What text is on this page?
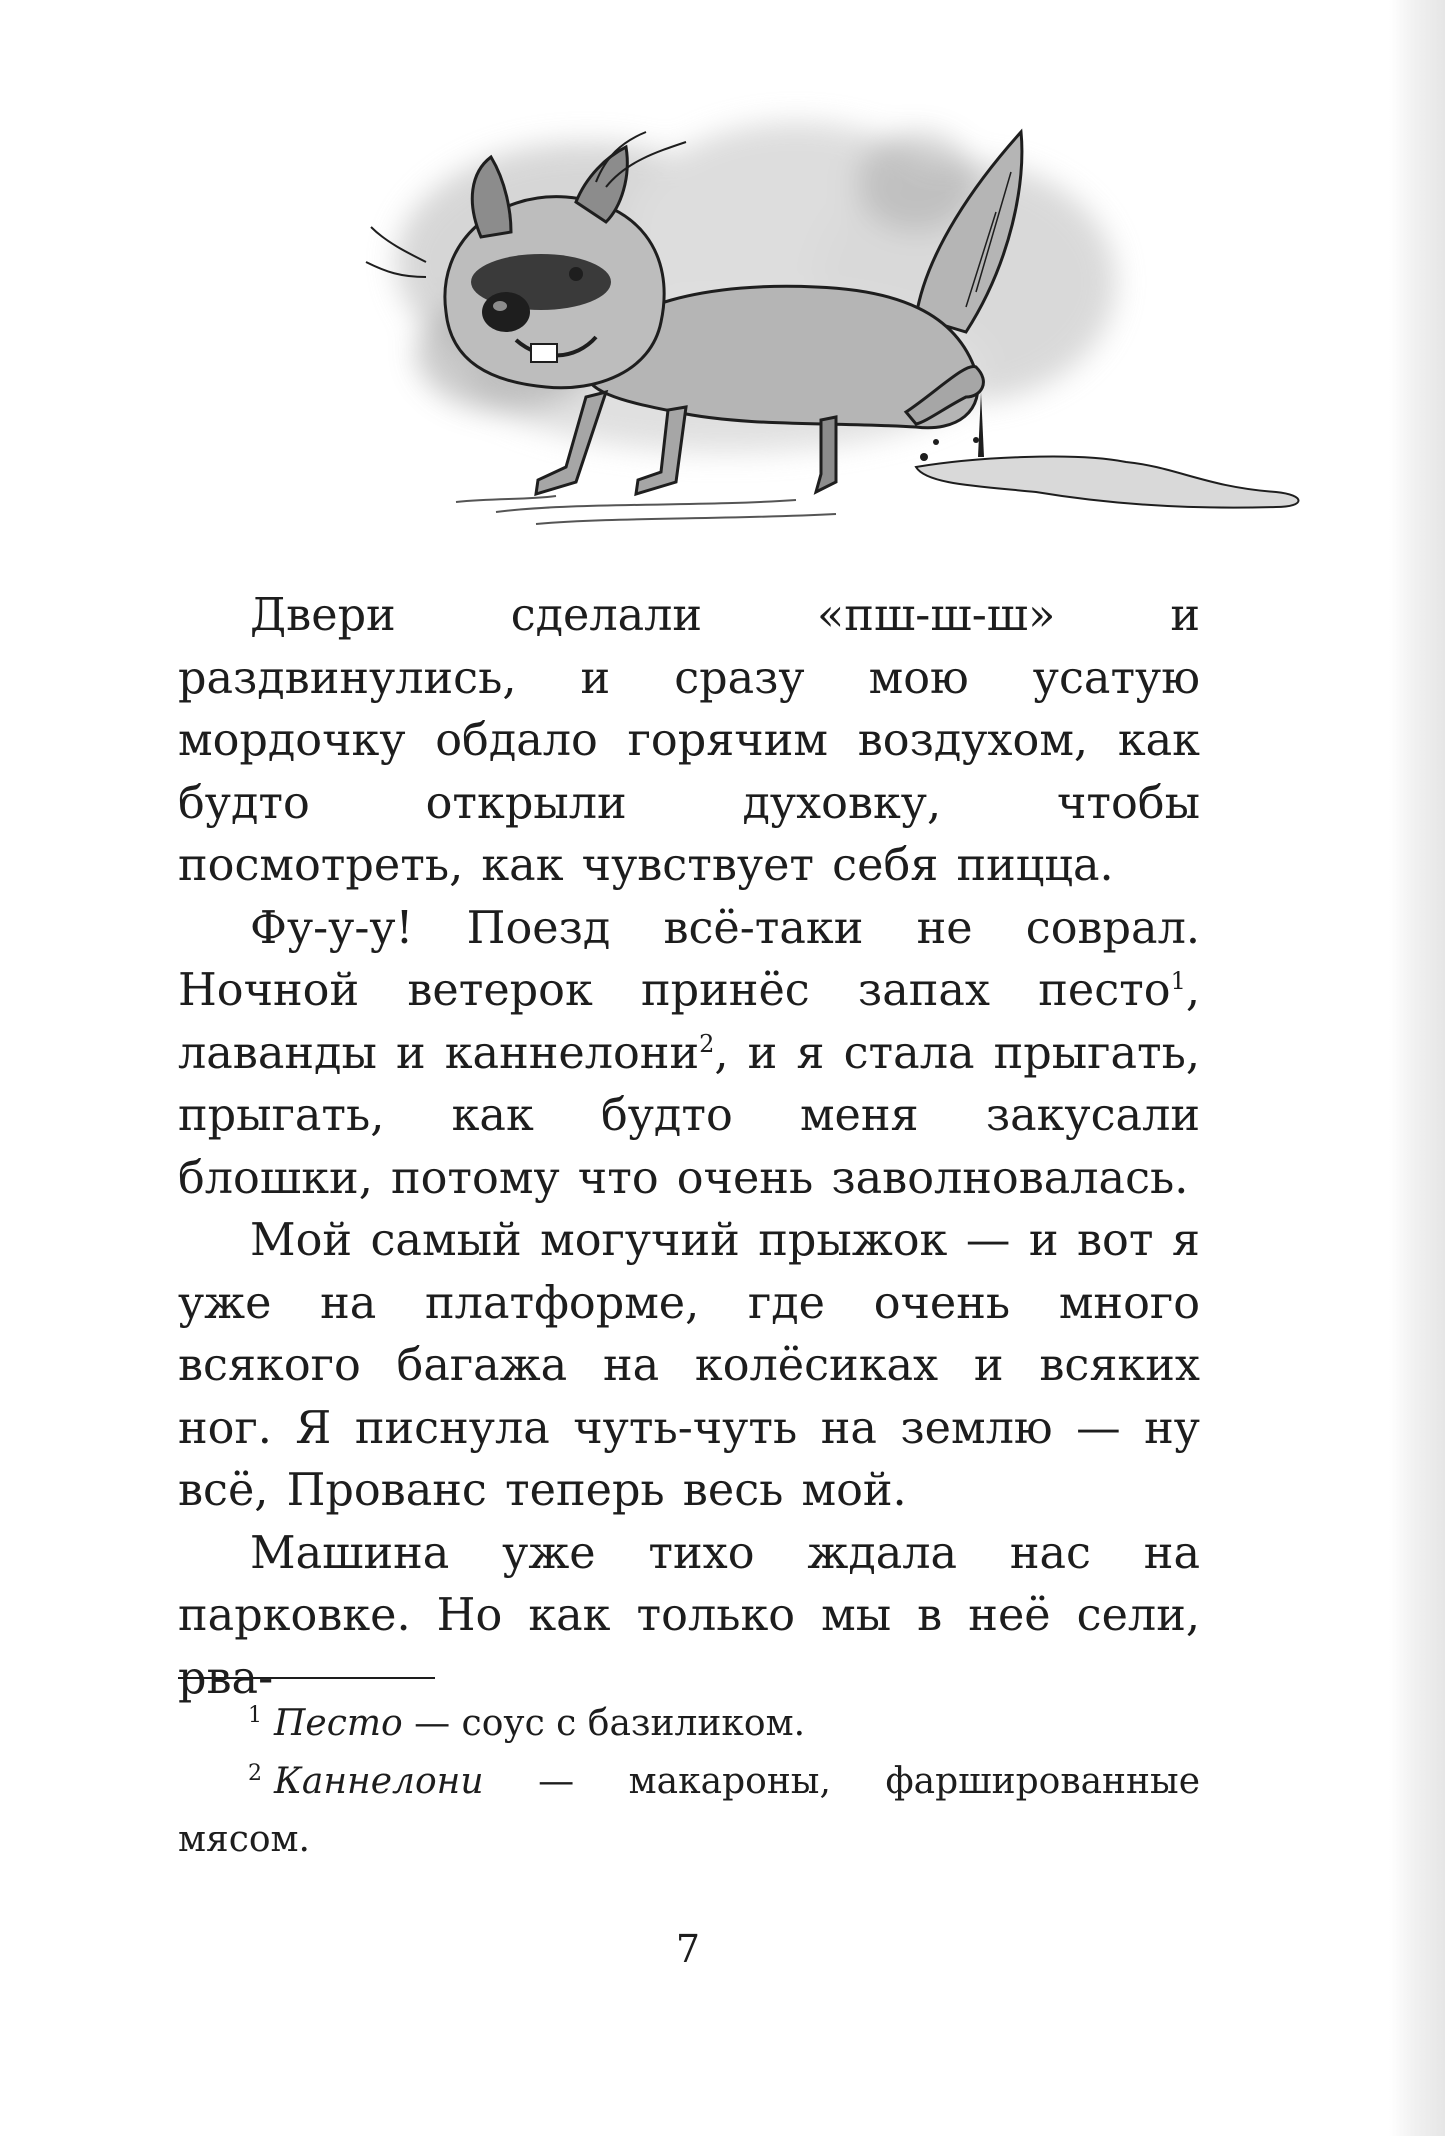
Двери сделали «пш-ш-ш» и раздвинулись, и сразу мою усатую мордочку обдало горячим воздухом, как будто открыли духовку, чтобы посмотреть, как чувствует себя пицца.

Фу-у-у! Поезд всё-таки не соврал. Ночной ветерок принёс запах песто$^1$, лаванды и каннелони$^2$, и я стала прыгать, прыгать, как будто меня закусали блошки, потому что очень заволновалась.

Мой самый могучий прыжок — и вот я уже на платформе, где очень много всякого багажа на колёсиках и всяких ног. Я писнула чуть-чуть на землю — ну всё, Прованс теперь весь мой.

Машина уже тихо ждала нас на парковке. Но как только мы в неё сели, рва-

$^1$ Песто — соус с базиликом.

$^2$ Каннелони — макароны, фаршированные мясом.

7
